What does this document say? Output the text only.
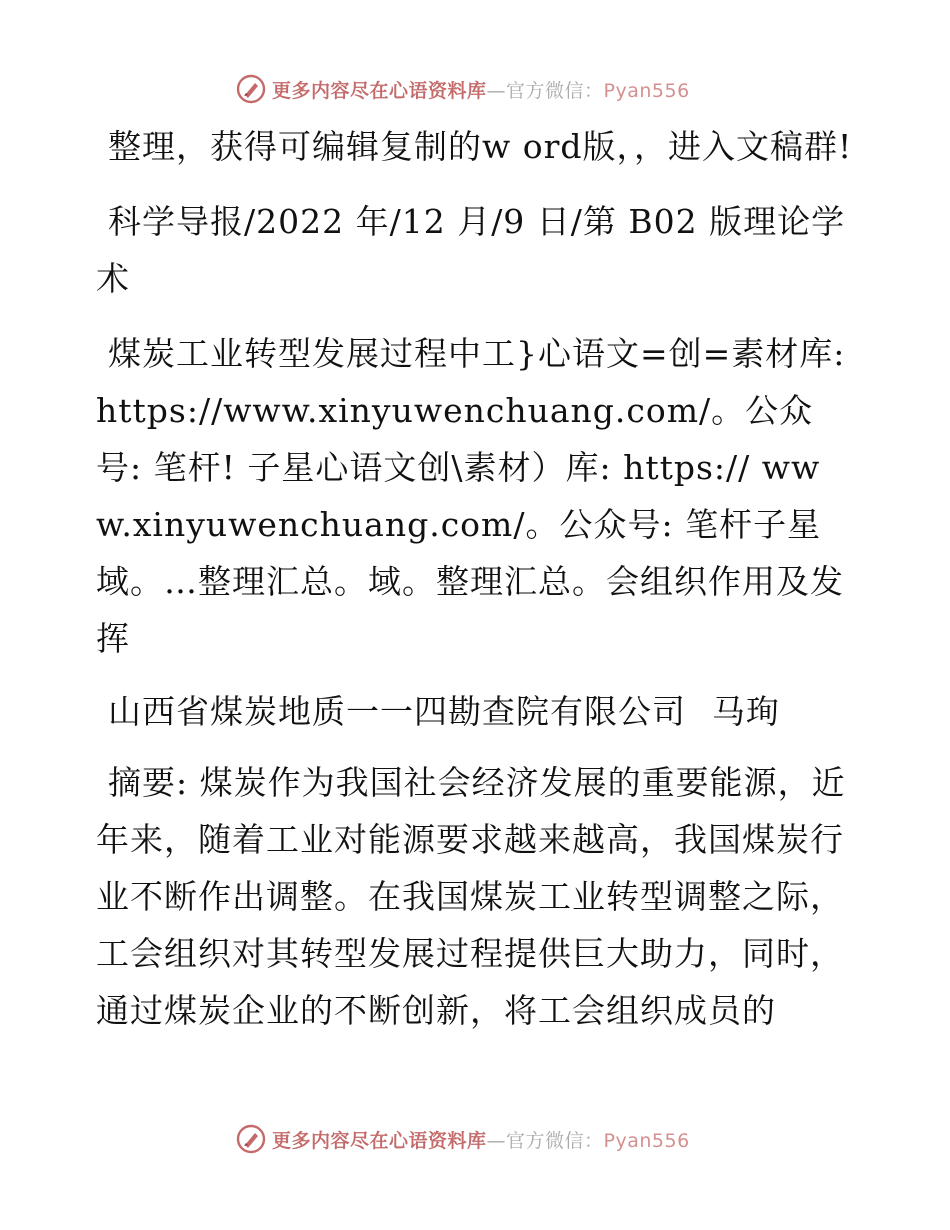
更多内容尽在心语资料库—官方微信：Pyan556

整理，获得可编辑复制的w ord版，，进入文稿群!

科学导报/2022 年/12 月/9 日/第 B02 版理论学术

煤炭工业转型发展过程中工}心语文=创=素材库: https://www.xinyuwenchuang.com/。公众号: 笔杆! 子星心语文创\素材）库: https:// www.xinyuwenchuang.com/。公众号: 笔杆子星域。…整理汇总。域。整理汇总。会组织作用及发挥

山西省煤炭地质一一四勘查院有限公司 马珣

摘要: 煤炭作为我国社会经济发展的重要能源，近年来，随着工业对能源要求越来越高，我国煤炭行业不断作出调整。在我国煤炭工业转型调整之际，工会组织对其转型发展过程提供巨大助力，同时，通过煤炭企业的不断创新，将工会组织成员的

更多内容尽在心语资料库—官方微信：Pyan556
